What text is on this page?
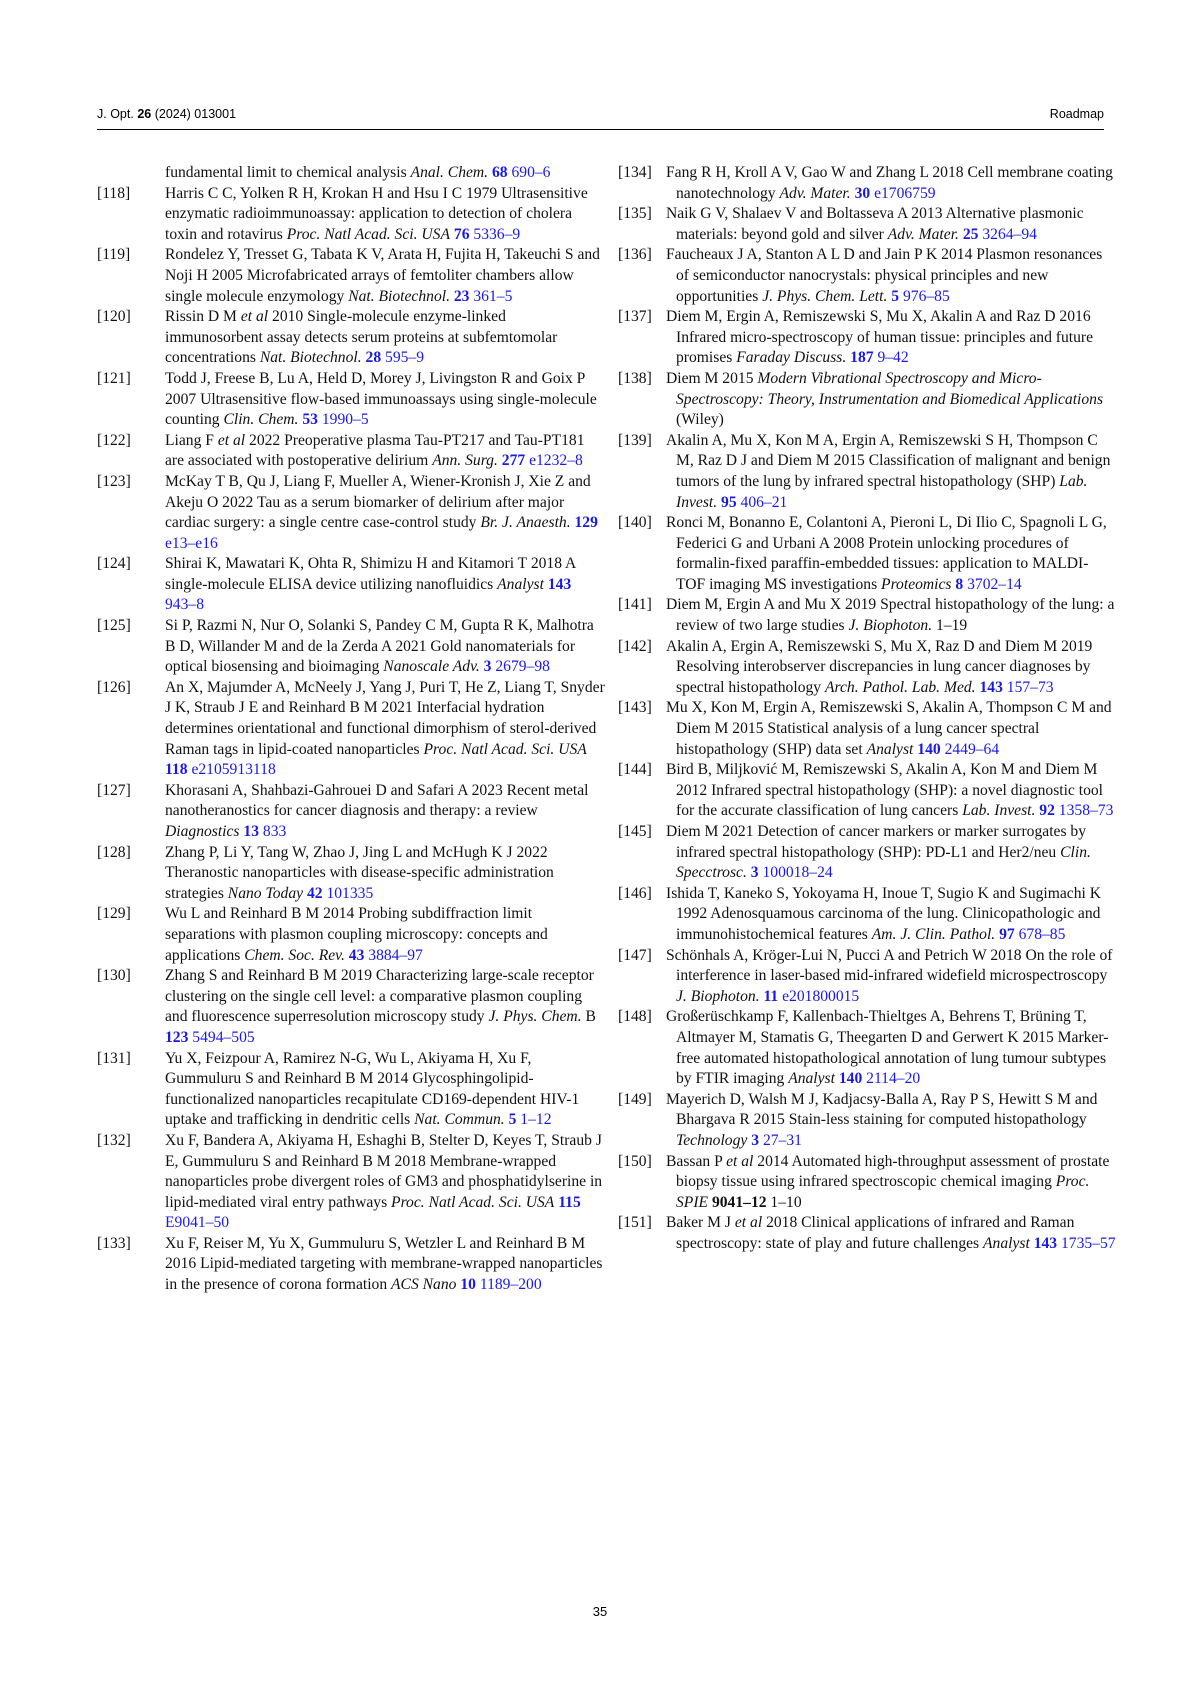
J. Opt. 26 (2024) 013001	Roadmap
fundamental limit to chemical analysis Anal. Chem. 68 690–6
[118]	Harris C C, Yolken R H, Krokan H and Hsu I C 1979 Ultrasensitive enzymatic radioimmunoassay: application to detection of cholera toxin and rotavirus Proc. Natl Acad. Sci. USA 76 5336–9
[119]	Rondelez Y, Tresset G, Tabata K V, Arata H, Fujita H, Takeuchi S and Noji H 2005 Microfabricated arrays of femtoliter chambers allow single molecule enzymology Nat. Biotechnol. 23 361–5
[120]	Rissin D M et al 2010 Single-molecule enzyme-linked immunosorbent assay detects serum proteins at subfemtomolar concentrations Nat. Biotechnol. 28 595–9
[121]	Todd J, Freese B, Lu A, Held D, Morey J, Livingston R and Goix P 2007 Ultrasensitive flow-based immunoassays using single-molecule counting Clin. Chem. 53 1990–5
[122]	Liang F et al 2022 Preoperative plasma Tau-PT217 and Tau-PT181 are associated with postoperative delirium Ann. Surg. 277 e1232–8
[123]	McKay T B, Qu J, Liang F, Mueller A, Wiener-Kronish J, Xie Z and Akeju O 2022 Tau as a serum biomarker of delirium after major cardiac surgery: a single centre case-control study Br. J. Anaesth. 129 e13–e16
[124]	Shirai K, Mawatari K, Ohta R, Shimizu H and Kitamori T 2018 A single-molecule ELISA device utilizing nanofluidics Analyst 143 943–8
[125]	Si P, Razmi N, Nur O, Solanki S, Pandey C M, Gupta R K, Malhotra B D, Willander M and de la Zerda A 2021 Gold nanomaterials for optical biosensing and bioimaging Nanoscale Adv. 3 2679–98
[126]	An X, Majumder A, McNeely J, Yang J, Puri T, He Z, Liang T, Snyder J K, Straub J E and Reinhard B M 2021 Interfacial hydration determines orientational and functional dimorphism of sterol-derived Raman tags in lipid-coated nanoparticles Proc. Natl Acad. Sci. USA 118 e2105913118
[127]	Khorasani A, Shahbazi-Gahrouei D and Safari A 2023 Recent metal nanotheranostics for cancer diagnosis and therapy: a review Diagnostics 13 833
[128]	Zhang P, Li Y, Tang W, Zhao J, Jing L and McHugh K J 2022 Theranostic nanoparticles with disease-specific administration strategies Nano Today 42 101335
[129]	Wu L and Reinhard B M 2014 Probing subdiffraction limit separations with plasmon coupling microscopy: concepts and applications Chem. Soc. Rev. 43 3884–97
[130]	Zhang S and Reinhard B M 2019 Characterizing large-scale receptor clustering on the single cell level: a comparative plasmon coupling and fluorescence superresolution microscopy study J. Phys. Chem. B 123 5494–505
[131]	Yu X, Feizpour A, Ramirez N-G, Wu L, Akiyama H, Xu F, Gummuluru S and Reinhard B M 2014 Glycosphingolipid-functionalized nanoparticles recapitulate CD169-dependent HIV-1 uptake and trafficking in dendritic cells Nat. Commun. 5 1–12
[132]	Xu F, Bandera A, Akiyama H, Eshaghi B, Stelter D, Keyes T, Straub J E, Gummuluru S and Reinhard B M 2018 Membrane-wrapped nanoparticles probe divergent roles of GM3 and phosphatidylserine in lipid-mediated viral entry pathways Proc. Natl Acad. Sci. USA 115 E9041–50
[133]	Xu F, Reiser M, Yu X, Gummuluru S, Wetzler L and Reinhard B M 2016 Lipid-mediated targeting with membrane-wrapped nanoparticles in the presence of corona formation ACS Nano 10 1189–200
[134] Fang R H, Kroll A V, Gao W and Zhang L 2018 Cell membrane coating nanotechnology Adv. Mater. 30 e1706759
[135] Naik G V, Shalaev V and Boltasseva A 2013 Alternative plasmonic materials: beyond gold and silver Adv. Mater. 25 3264–94
[136] Faucheaux J A, Stanton A L D and Jain P K 2014 Plasmon resonances of semiconductor nanocrystals: physical principles and new opportunities J. Phys. Chem. Lett. 5 976–85
[137] Diem M, Ergin A, Remiszewski S, Mu X, Akalin A and Raz D 2016 Infrared micro-spectroscopy of human tissue: principles and future promises Faraday Discuss. 187 9–42
[138] Diem M 2015 Modern Vibrational Spectroscopy and Micro-Spectroscopy: Theory, Instrumentation and Biomedical Applications (Wiley)
[139] Akalin A, Mu X, Kon M A, Ergin A, Remiszewski S H, Thompson C M, Raz D J and Diem M 2015 Classification of malignant and benign tumors of the lung by infrared spectral histopathology (SHP) Lab. Invest. 95 406–21
[140] Ronci M, Bonanno E, Colantoni A, Pieroni L, Di Ilio C, Spagnoli L G, Federici G and Urbani A 2008 Protein unlocking procedures of formalin-fixed paraffin-embedded tissues: application to MALDI-TOF imaging MS investigations Proteomics 8 3702–14
[141] Diem M, Ergin A and Mu X 2019 Spectral histopathology of the lung: a review of two large studies J. Biophoton. 1–19
[142] Akalin A, Ergin A, Remiszewski S, Mu X, Raz D and Diem M 2019 Resolving interobserver discrepancies in lung cancer diagnoses by spectral histopathology Arch. Pathol. Lab. Med. 143 157–73
[143] Mu X, Kon M, Ergin A, Remiszewski S, Akalin A, Thompson C M and Diem M 2015 Statistical analysis of a lung cancer spectral histopathology (SHP) data set Analyst 140 2449–64
[144] Bird B, Miljković M, Remiszewski S, Akalin A, Kon M and Diem M 2012 Infrared spectral histopathology (SHP): a novel diagnostic tool for the accurate classification of lung cancers Lab. Invest. 92 1358–73
[145] Diem M 2021 Detection of cancer markers or marker surrogates by infrared spectral histopathology (SHP): PD-L1 and Her2/neu Clin. Specctrosc. 3 100018–24
[146] Ishida T, Kaneko S, Yokoyama H, Inoue T, Sugio K and Sugimachi K 1992 Adenosquamous carcinoma of the lung. Clinicopathologic and immunohistochemical features Am. J. Clin. Pathol. 97 678–85
[147] Schönhals A, Kröger-Lui N, Pucci A and Petrich W 2018 On the role of interference in laser-based mid-infrared widefield microspectroscopy J. Biophoton. 11 e201800015
[148] Großerüschkamp F, Kallenbach-Thieltges A, Behrens T, Brüning T, Altmayer M, Stamatis G, Theegarten D and Gerwert K 2015 Marker-free automated histopathological annotation of lung tumour subtypes by FTIR imaging Analyst 140 2114–20
[149] Mayerich D, Walsh M J, Kadjacsy-Balla A, Ray P S, Hewitt S M and Bhargava R 2015 Stain-less staining for computed histopathology Technology 3 27–31
[150] Bassan P et al 2014 Automated high-throughput assessment of prostate biopsy tissue using infrared spectroscopic chemical imaging Proc. SPIE 9041–12 1–10
[151] Baker M J et al 2018 Clinical applications of infrared and Raman spectroscopy: state of play and future challenges Analyst 143 1735–57
35
